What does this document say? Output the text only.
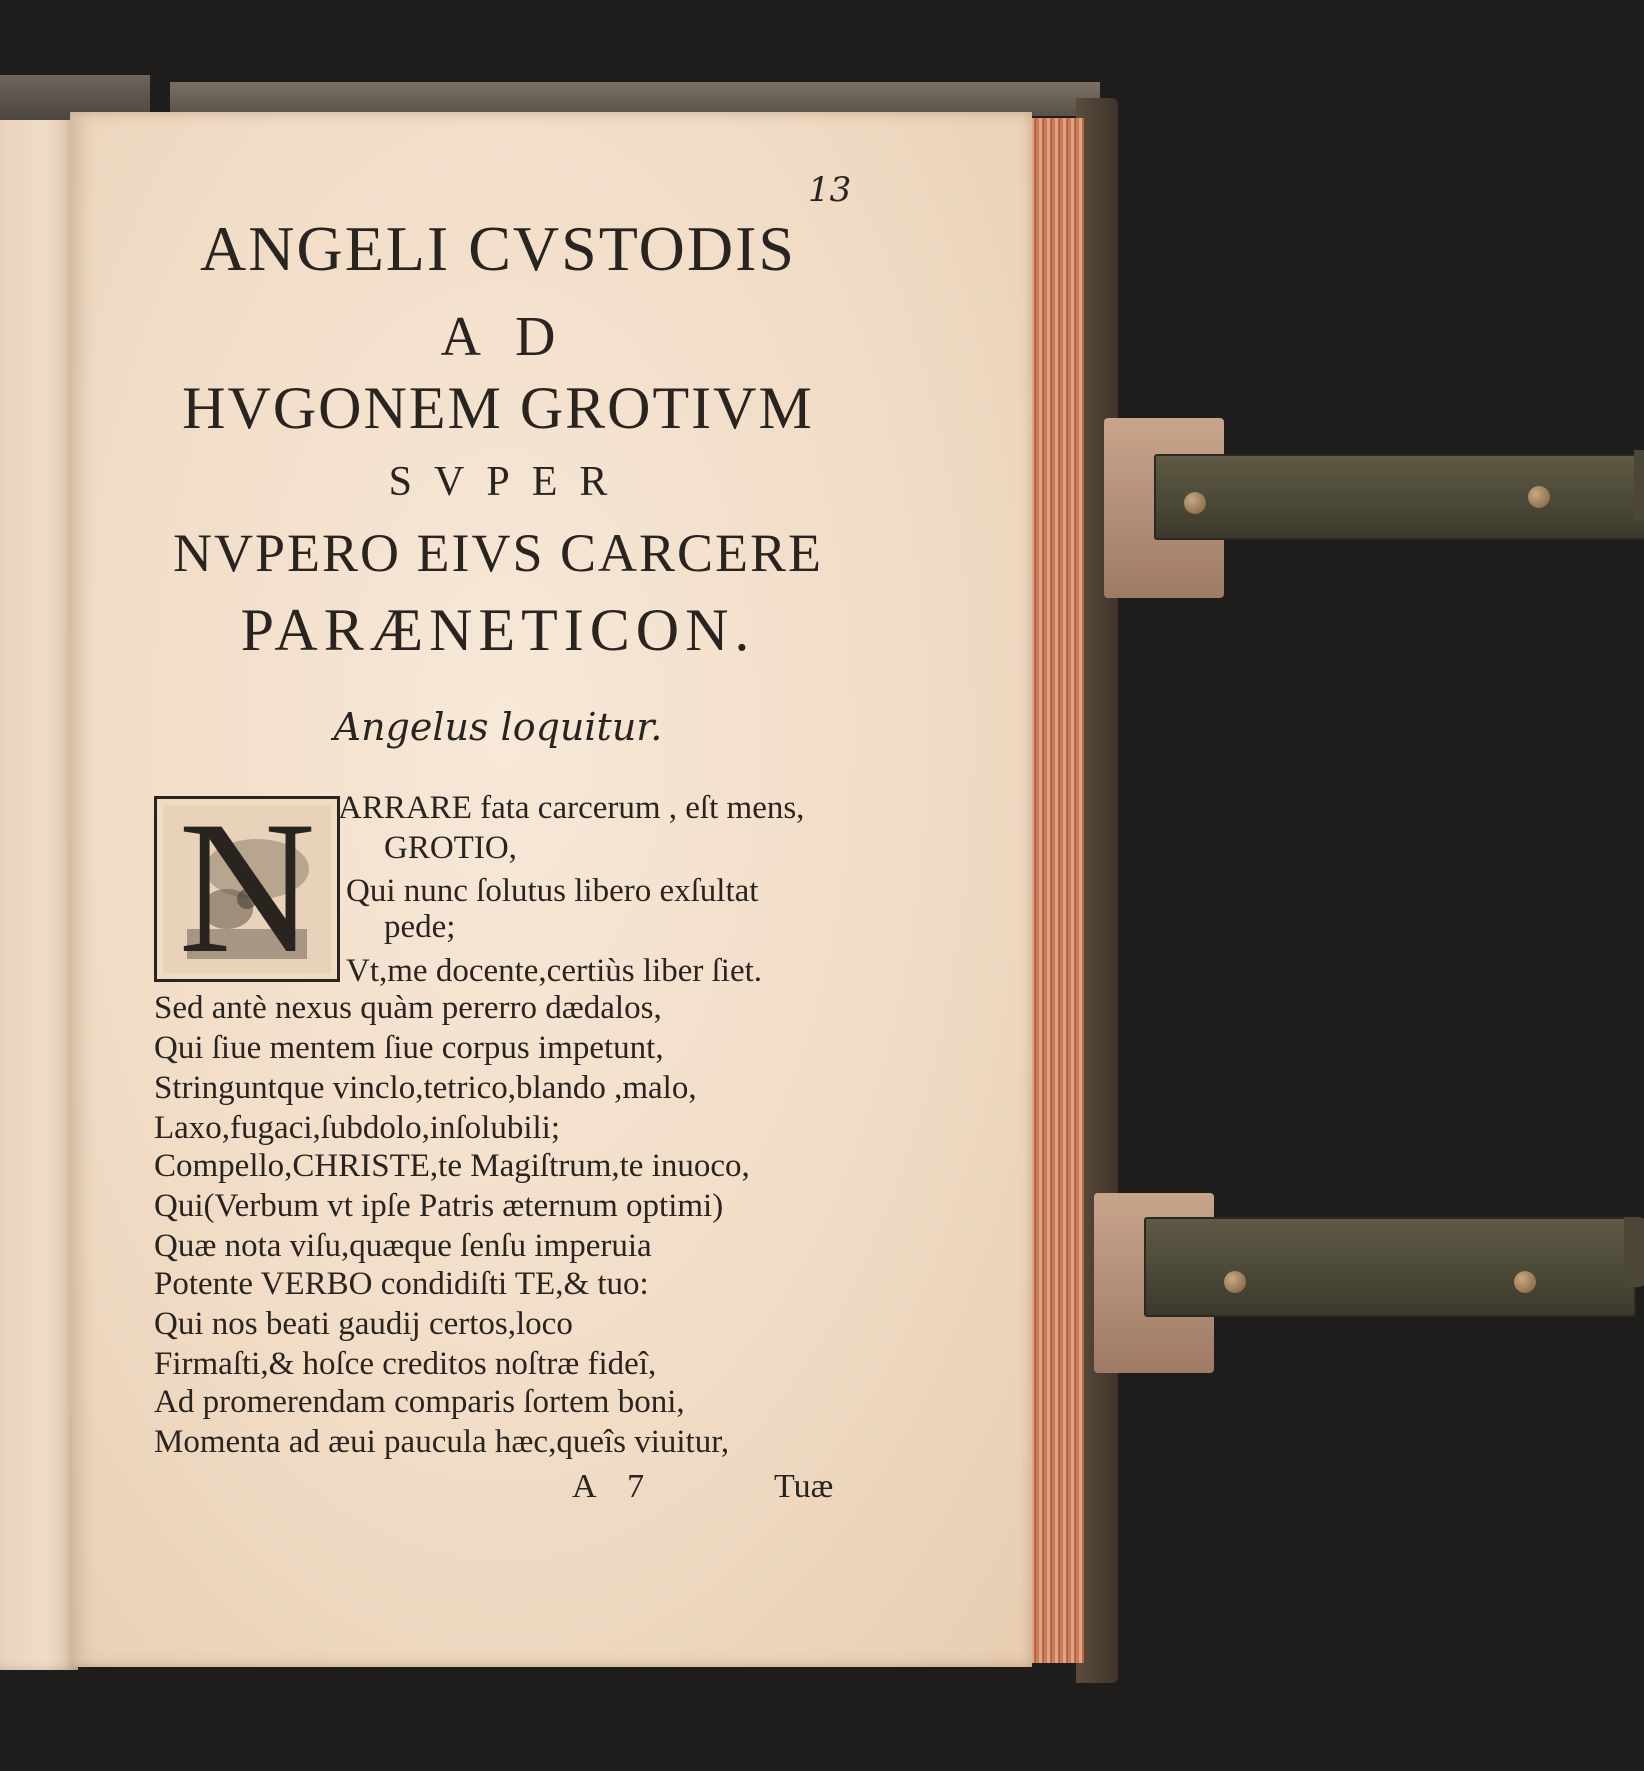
13
ANGELI CVSTODIS
AD
HVGONEM GROTIVM
SVPER
NVPERO EIVS CARCERE
PARÆNETICON.
Angelus loquitur.
N ARRARE fata carcerum , eſt mens,
GROTIO,
Qui nunc ſolutus libero exſultat
pede;
Vt,me docente,certiùs liber ſiet.
Sed antè nexus quàm pererro dædalos,
Qui ſiue mentem ſiue corpus impetunt,
Stringuntque vinclo,tetrico,blando ,malo,
Laxo,fugaci,ſubdolo,inſolubili;
Compello,CHRISTE,te Magiſtrum,te inuoco,
Qui(Verbum vt ipſe Patris æternum optimi)
Quæ nota viſu,quæque ſenſu imperuia
Potente VERBO condidiſti TE,& tuo:
Qui nos beati gaudij certos,loco
Firmaſti,& hoſce creditos noſtræ fideî,
Ad promerendam comparis ſortem boni,
Momenta ad æui paucula hæc,queîs viuitur,
A 7	Tuæ
